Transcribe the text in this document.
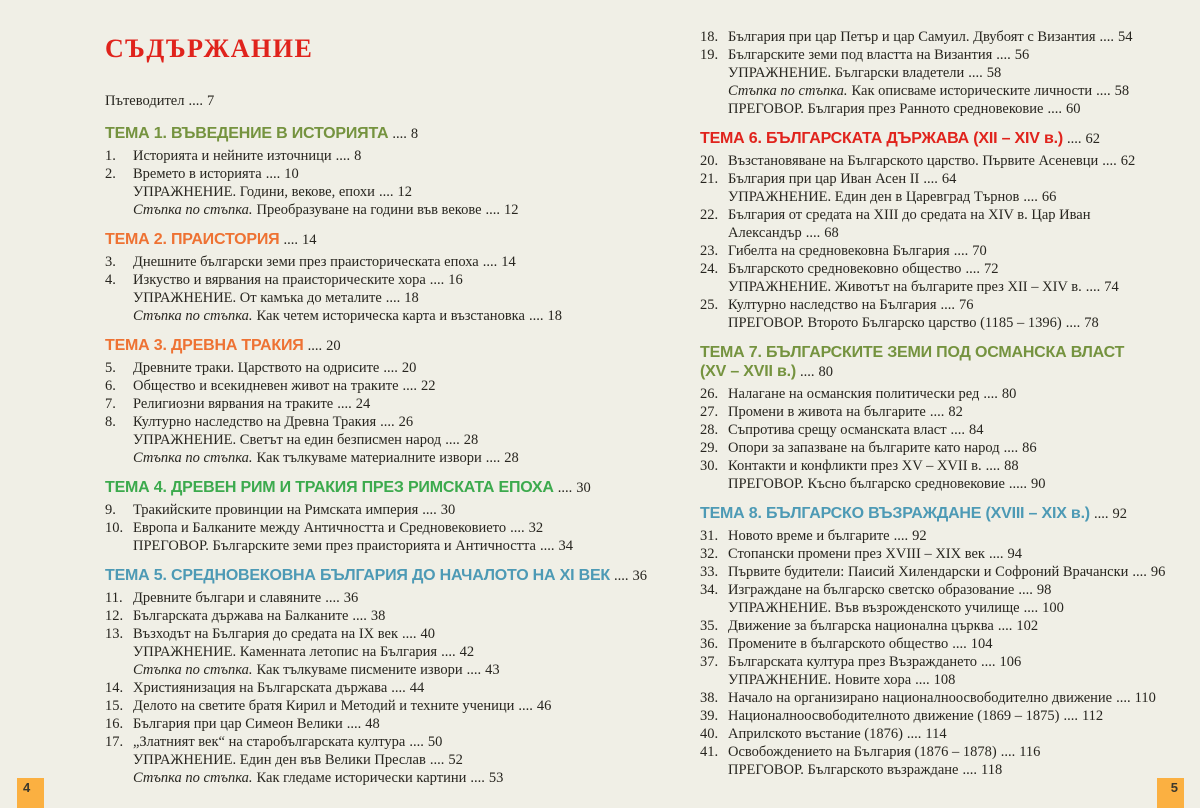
СЪДЪРЖАНИЕ
Пътеводител .... 7
ТЕМА 1. ВЪВЕДЕНИЕ В ИСТОРИЯТА .... 8
1. Историята и нейните източници .... 8
2. Времето в историята .... 10
УПРАЖНЕНИЕ. Години, векове, епохи .... 12
Стъпка по стъпка. Преобразуване на години във векове .... 12
ТЕМА 2. ПРАИСТОРИЯ .... 14
3. Днешните български земи през праисторическата епоха .... 14
4. Изкуство и вярвания на праисторическите хора .... 16
УПРАЖНЕНИЕ. От камъка до металите .... 18
Стъпка по стъпка. Как четем историческа карта и възстановка .... 18
ТЕМА 3. ДРЕВНА ТРАКИЯ .... 20
5. Древните траки. Царството на одрисите .... 20
6. Общество и всекидневен живот на траките .... 22
7. Религиозни вярвания на траките .... 24
8. Културно наследство на Древна Тракия .... 26
УПРАЖНЕНИЕ. Светът на един безписмен народ .... 28
Стъпка по стъпка. Как тълкуваме материалните извори .... 28
ТЕМА 4. ДРЕВЕН РИМ И ТРАКИЯ ПРЕЗ РИМСКАТА ЕПОХА .... 30
9. Тракийските провинции на Римската империя .... 30
10. Европа и Балканите между Античността и Средновековието .... 32
ПРЕГОВОР. Българските земи през праисторията и Античността .... 34
ТЕМА 5. СРЕДНОВЕКОВНА БЪЛГАРИЯ ДО НАЧАЛОТО НА XI ВЕК .... 36
11. Древните българи и славяните .... 36
12. Българската държава на Балканите .... 38
13. Възходът на България до средата на IX век .... 40
УПРАЖНЕНИЕ. Каменната летопис на България .... 42
Стъпка по стъпка. Как тълкуваме писмените извори .... 43
14. Християнизация на Българската държава .... 44
15. Делото на светите братя Кирил и Методий и техните ученици .... 46
16. България при цар Симеон Велики .... 48
17. „Златният век“ на старобългарската култура .... 50
УПРАЖНЕНИЕ. Един ден във Велики Преслав .... 52
Стъпка по стъпка. Как гледаме исторически картини .... 53
18. България при цар Петър и цар Самуил. Двубоят с Византия .... 54
19. Българските земи под властта на Византия .... 56
УПРАЖНЕНИЕ. Български владетели .... 58
Стъпка по стъпка. Как описваме историческите личности .... 58
ПРЕГОВОР. България през Ранното средновековие .... 60
ТЕМА 6. БЪЛГАРСКАТА ДЪРЖАВА (XII – XIV в.) .... 62
20. Възстановяване на Българското царство. Първите Асеневци .... 62
21. България при цар Иван Асен II .... 64
УПРАЖНЕНИЕ. Един ден в Царевград Търнов .... 66
22. България от средата на XIII до средата на XIV в. Цар Иван Александър .... 68
23. Гибелта на средновековна България .... 70
24. Българското средновековно общество .... 72
УПРАЖНЕНИЕ. Животът на българите през XII – XIV в. .... 74
25. Културно наследство на България .... 76
ПРЕГОВОР. Второто Българско царство (1185 – 1396) .... 78
ТЕМА 7. БЪЛГАРСКИТЕ ЗЕМИ ПОД ОСМАНСКА ВЛАСТ
(XV – XVII в.) .... 80
26. Налагане на османския политически ред .... 80
27. Промени в живота на българите .... 82
28. Съпротива срещу османската власт .... 84
29. Опори за запазване на българите като народ .... 86
30. Контакти и конфликти през XV – XVII в. .... 88
ПРЕГОВОР. Късно българско средновековие ..... 90
ТЕМА 8. БЪЛГАРСКО ВЪЗРАЖДАНЕ (XVIII – XIX в.) .... 92
31. Новото време и българите .... 92
32. Стопански промени през XVIII – XIX век .... 94
33. Първите будители: Паисий Хилендарски и Софроний Врачански .... 96
34. Изграждане на българско светско образование .... 98
УПРАЖНЕНИЕ. Във възрожденското училище .... 100
35. Движение за българска национална църква .... 102
36. Промените в българското общество .... 104
37. Българската култура през Възраждането .... 106
УПРАЖНЕНИЕ. Новите хора .... 108
38. Начало на организирано националноосвободително движение .... 110
39. Националноосвободителното движение (1869 – 1875) .... 112
40. Априлското въстание (1876) .... 114
41. Освобождението на България (1876 – 1878) .... 116
ПРЕГОВОР. Българското възраждане .... 118
4	5
